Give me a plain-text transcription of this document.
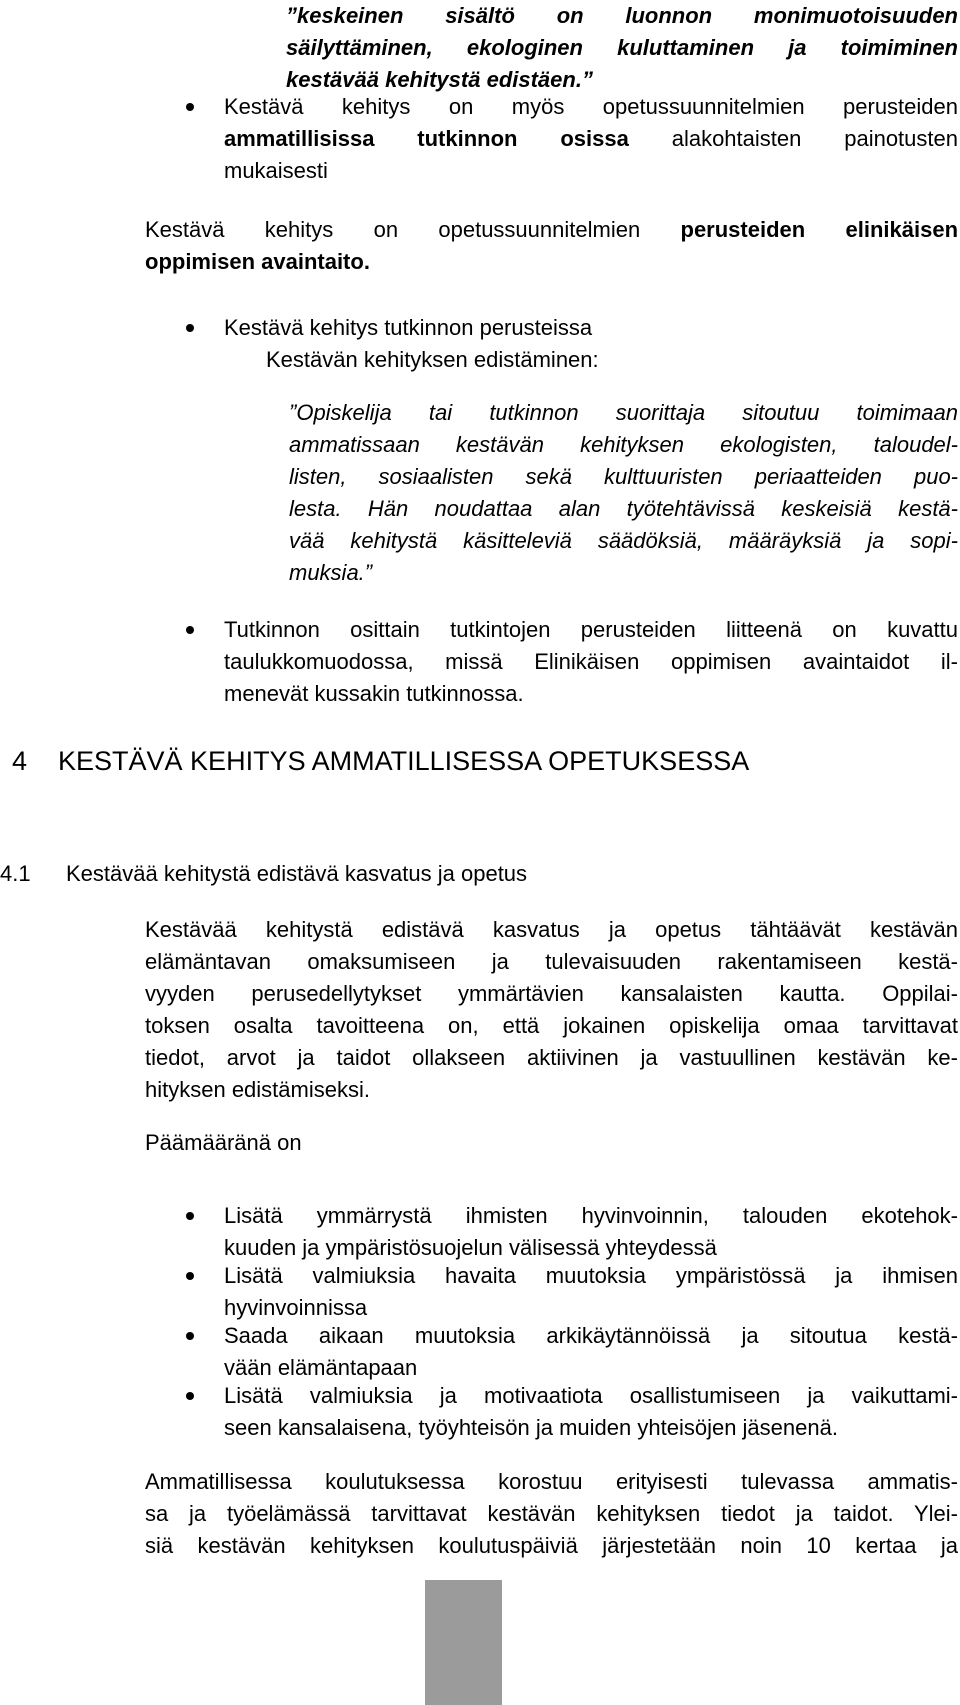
”keskeinen sisältö on luonnon monimuotoisuuden
säilyttäminen, ekologinen kuluttaminen ja toimiminen
kestävää kehitystä edistäen.”
Kestävä kehitys on myös opetussuunnitelmien perusteiden
ammatillisissa tutkinnon osissa alakohtaisten painotusten
mukaisesti
Kestävä kehitys on opetussuunnitelmien perusteiden elinikäisen
oppimisen avaintaito.
Kestävä kehitys tutkinnon perusteissa
Kestävän kehityksen edistäminen:
”Opiskelija tai tutkinnon suorittaja sitoutuu toimimaan
ammatissaan kestävän kehityksen ekologisten, taloudel-
listen, sosiaalisten sekä kulttuuristen periaatteiden puo-
lesta. Hän noudattaa alan työtehtävissä keskeisiä kestä-
vää kehitystä käsitteleviä säädöksiä, määräyksiä ja sopi-
muksia.”
Tutkinnon osittain tutkintojen perusteiden liitteenä on kuvattu
taulukkomuodossa, missä Elinikäisen oppimisen avaintaidot il-
menevät kussakin tutkinnossa.
4 KESTÄVÄ KEHITYS AMMATILLISESSA OPETUKSESSA
4.1 Kestävää kehitystä edistävä kasvatus ja opetus
Kestävää kehitystä edistävä kasvatus ja opetus tähtäävät kestävän
elämäntavan omaksumiseen ja tulevaisuuden rakentamiseen kestä-
vyyden perusedellytykset ymmärtävien kansalaisten kautta. Oppilai-
toksen osalta tavoitteena on, että jokainen opiskelija omaa tarvittavat
tiedot, arvot ja taidot ollakseen aktiivinen ja vastuullinen kestävän ke-
hityksen edistämiseksi.
Päämääränä on
Lisätä ymmärrystä ihmisten hyvinvoinnin, talouden ekotehok-
kuuden ja ympäristösuojelun välisessä yhteydessä
Lisätä valmiuksia havaita muutoksia ympäristössä ja ihmisen
hyvinvoinnissa
Saada aikaan muutoksia arkikäytännöissä ja sitoutua kestä-
vään elämäntapaan
Lisätä valmiuksia ja motivaatiota osallistumiseen ja vaikuttami-
seen kansalaisena, työyhteisön ja muiden yhteisöjen jäsenenä.
Ammatillisessa koulutuksessa korostuu erityisesti tulevassa ammatis-
sa ja työelämässä tarvittavat kestävän kehityksen tiedot ja taidot. Ylei-
siä kestävän kehityksen koulutuspäiviä järjestetään noin 10 kertaa ja
